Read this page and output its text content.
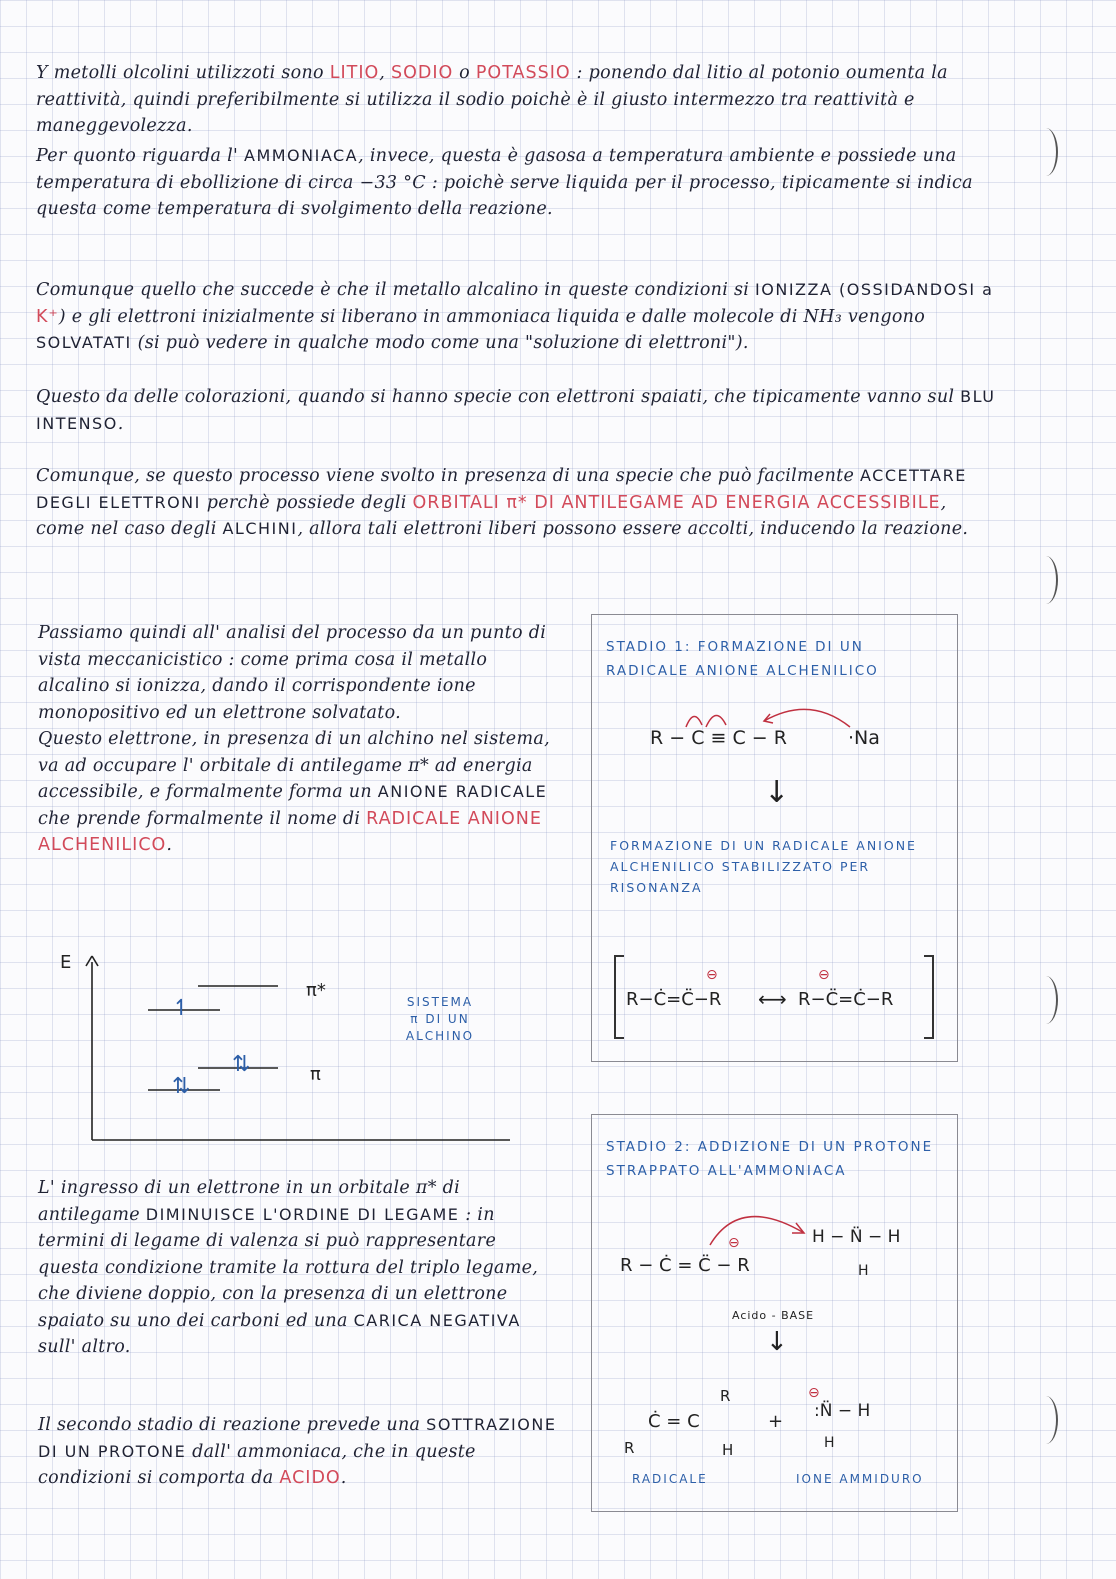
Y metolli olcolini utilizzoti sono LITIO, SODIO o POTASSIO : ponendo dal litio al potonio oumenta la reattività, quindi preferibilmente si utilizza il sodio poichè è il giusto intermezzo tra reattività e maneggevolezza.
Per quonto riguarda l' AMMONIACA, invece, questa è gasosa a temperatura ambiente e possiede una temperatura di ebollizione di circa −33 °C : poichè serve liquida per il processo, tipicamente si indica questa come temperatura di svolgimento della reazione.
Comunque quello che succede è che il metallo alcalino in queste condizioni si IONIZZA (OSSIDANDOSI a K⁺) e gli elettroni inizialmente si liberano in ammoniaca liquida e dalle molecole di NH₃ vengono SOLVATATI (si può vedere in qualche modo come una "soluzione di elettroni").
Questo da delle colorazioni, quando si hanno specie con elettroni spaiati, che tipicamente vanno sul BLU INTENSO.
Comunque, se questo processo viene svolto in presenza di una specie che può facilmente ACCETTARE DEGLI ELETTRONI perchè possiede degli ORBITALI π* DI ANTILEGAME AD ENERGIA ACCESSIBILE, come nel caso degli ALCHINI, allora tali elettroni liberi possono essere accolti, inducendo la reazione.
Passiamo quindi all' analisi del processo da un punto di vista meccanicistico : come prima cosa il metallo alcalino si ionizza, dando il corrispondente ione monopositivo ed un elettrone solvatato.
Questo elettrone, in presenza di un alchino nel sistema, va ad occupare l' orbitale di antilegame π* ad energia accessibile, e formalmente forma un ANIONE RADICALE che prende formalmente il nome di RADICALE ANIONE ALCHENILICO.
E
↿
⇅
⇅
π*
π
SISTEMA π DI UN ALCHINO
L' ingresso di un elettrone in un orbitale π* di antilegame DIMINUISCE L'ORDINE DI LEGAME : in termini di legame di valenza si può rappresentare questa condizione tramite la rottura del triplo legame, che diviene doppio, con la presenza di un elettrone spaiato su uno dei carboni ed una CARICA NEGATIVA sull' altro.
Il secondo stadio di reazione prevede una SOTTRAZIONE DI UN PROTONE dall' ammoniaca, che in queste condizioni si comporta da ACIDO.
STADIO 1: FORMAZIONE DI UN RADICALE ANIONE ALCHENILICO
R − C ≡ C − R	·Na
↓
FORMAZIONE DI UN RADICALE ANIONE ALCHENILICO STABILIZZATO PER RISONANZA
R−Ċ=C̈−R
⊖
⟷ R−C̈=Ċ−R
⊖
STADIO 2: ADDIZIONE DI UN PROTONE STRAPPATO ALL'AMMONIACA
R − Ċ = C̈ − R
⊖	H − N̈ − H
H
Acido - BASE
↓
R
Ċ = C
R	H
+
⊖
:N̈ − H
H
RADICALE	IONE AMMIDURO
